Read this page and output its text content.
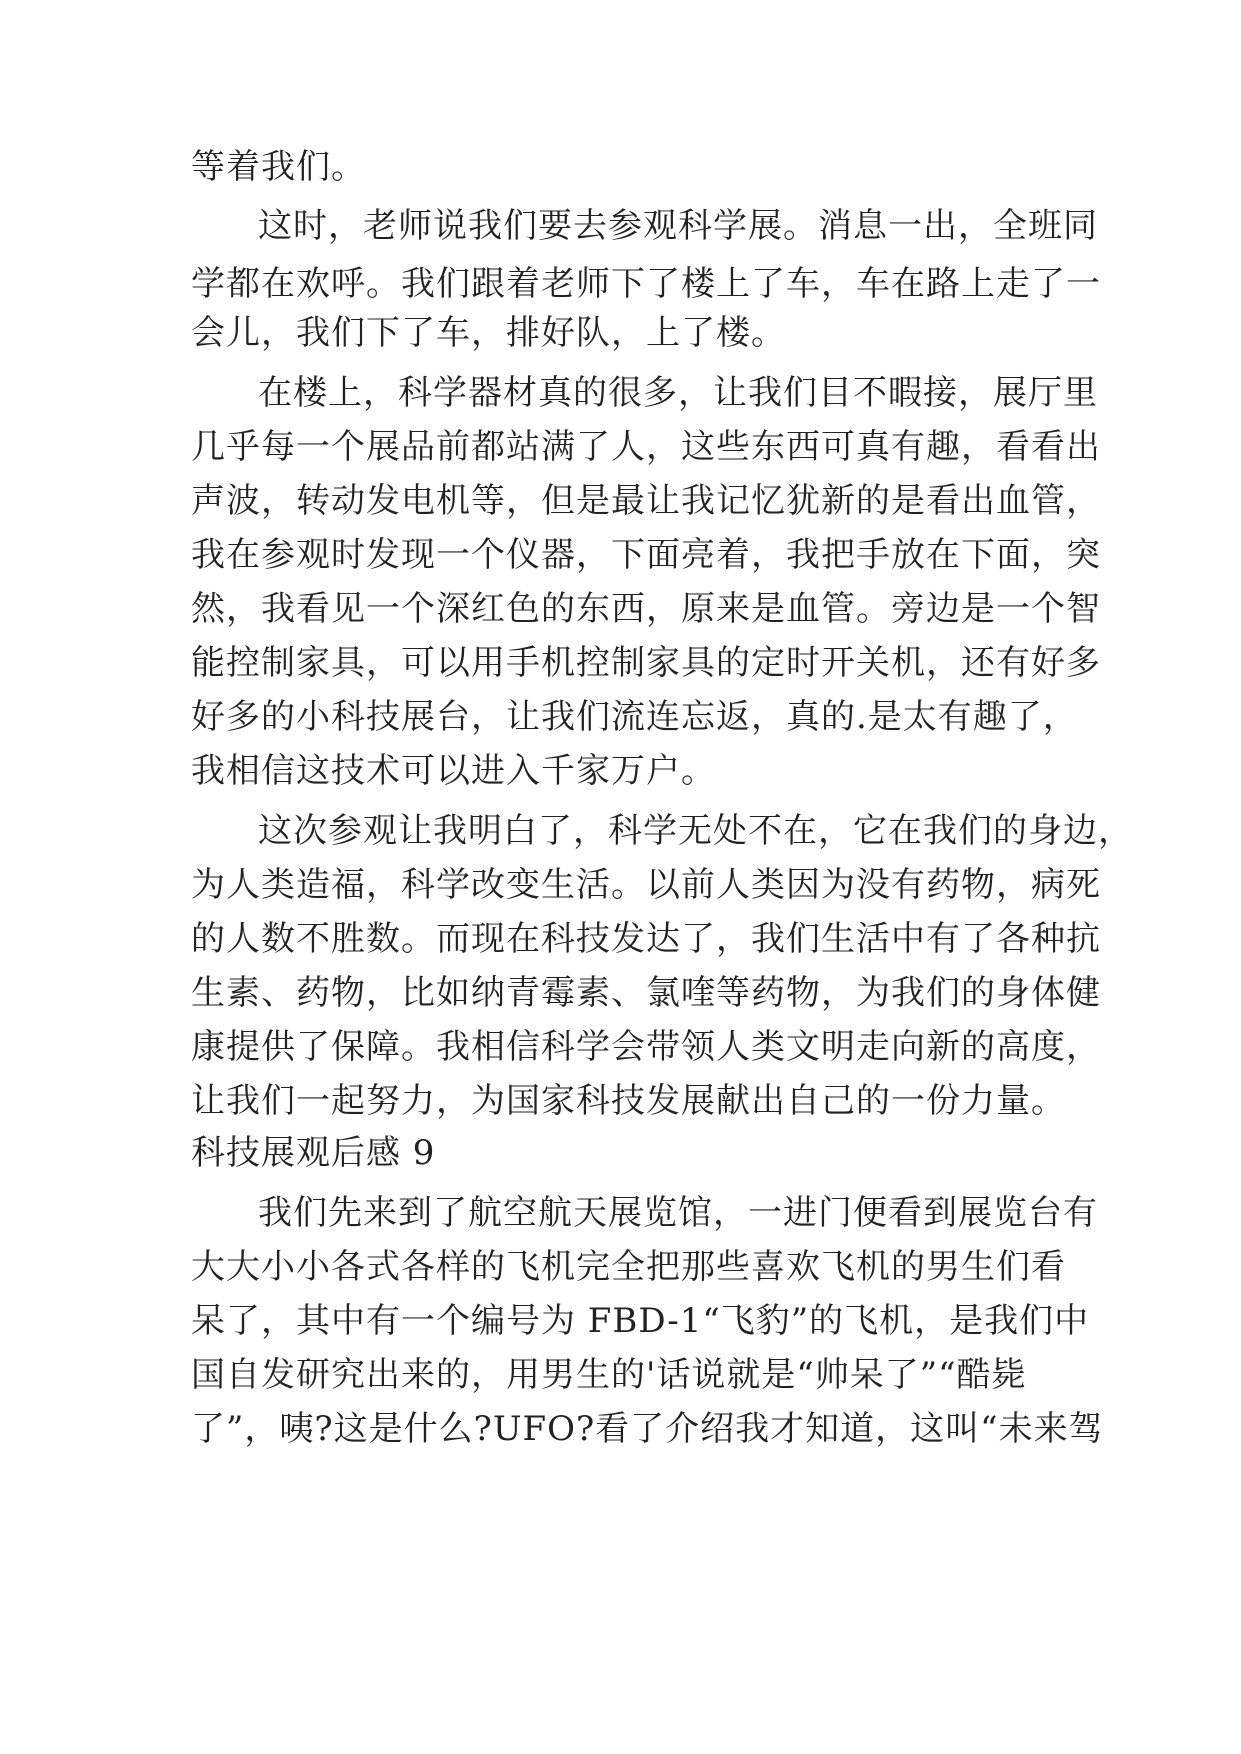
等着我们。
这时，老师说我们要去参观科学展。消息一出，全班同
学都在欢呼。我们跟着老师下了楼上了车，车在路上走了一
会儿，我们下了车，排好队，上了楼。
在楼上，科学器材真的很多，让我们目不暇接，展厅里
几乎每一个展品前都站满了人，这些东西可真有趣，看看出
声波，转动发电机等，但是最让我记忆犹新的是看出血管，
我在参观时发现一个仪器，下面亮着，我把手放在下面，突
然，我看见一个深红色的东西，原来是血管。旁边是一个智
能控制家具，可以用手机控制家具的定时开关机，还有好多
好多的小科技展台，让我们流连忘返，真的.是太有趣了，
我相信这技术可以进入千家万户。
这次参观让我明白了，科学无处不在，它在我们的身边，
为人类造福，科学改变生活。以前人类因为没有药物，病死
的人数不胜数。而现在科技发达了，我们生活中有了各种抗
生素、药物，比如纳青霉素、氯喹等药物，为我们的身体健
康提供了保障。我相信科学会带领人类文明走向新的高度，
让我们一起努力，为国家科技发展献出自己的一份力量。
科技展观后感 9
我们先来到了航空航天展览馆，一进门便看到展览台有
大大小小各式各样的飞机完全把那些喜欢飞机的男生们看
呆了，其中有一个编号为 FBD-1“飞豹”的飞机，是我们中
国自发研究出来的，用男生的'话说就是“帅呆了”“酷毙
了”，咦?这是什么?UFO?看了介绍我才知道，这叫“未来驾
